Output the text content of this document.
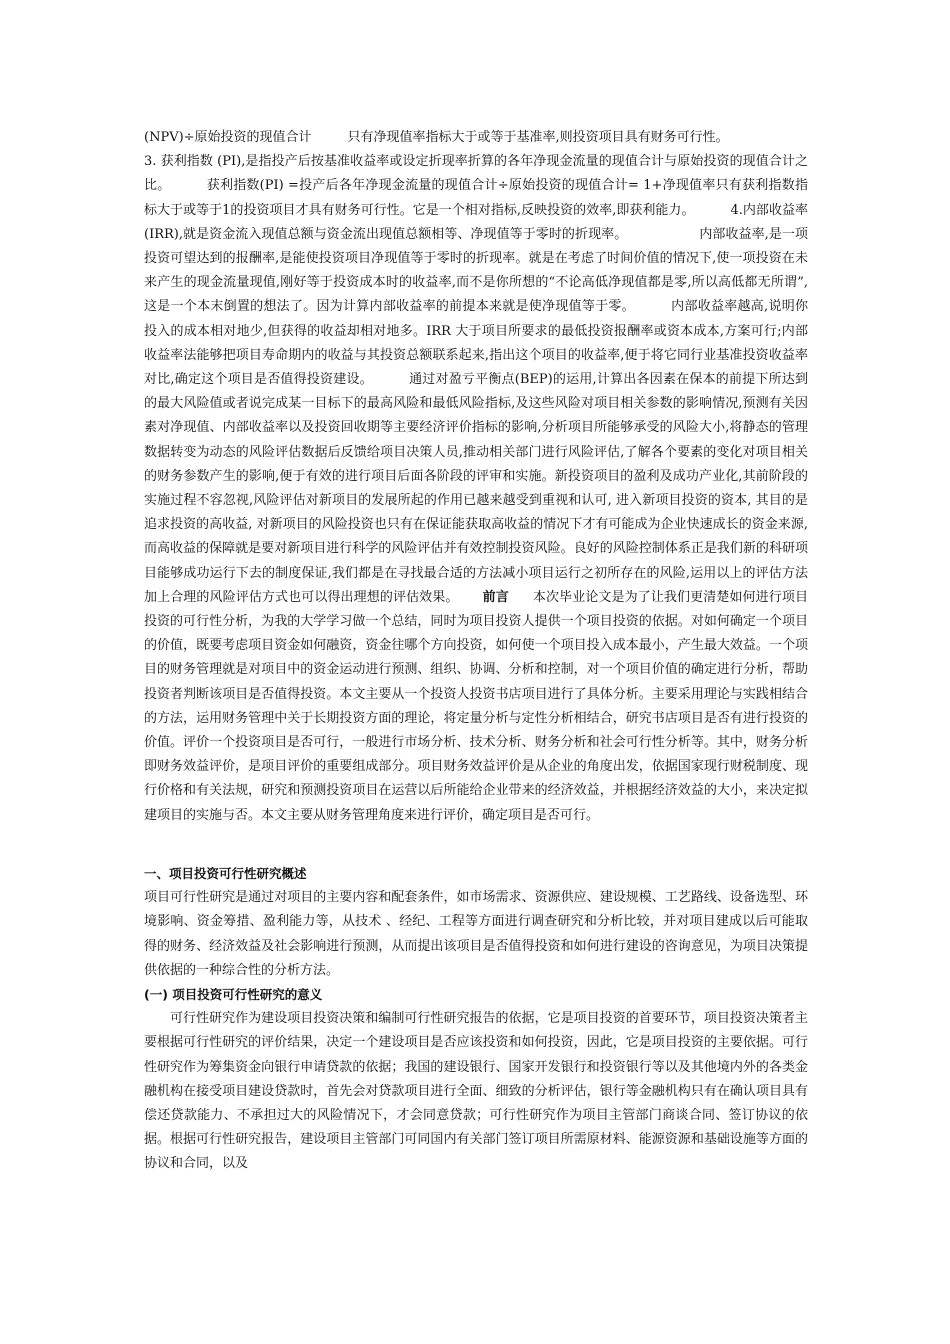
(NPV)÷原始投资的现值合计	只有净现值率指标大于或等于基准率,则投资项目具有财务可行性。

3. 获利指数 (PI),是指投产后按基准收益率或设定折现率折算的各年净现金流量的现值合计与原始投资的现值合计之比。	获利指数(PI) =投产后各年净现金流量的现值合计÷原始投资的现值合计= 1+净现值率只有获利指数指标大于或等于1的投资项目才具有财务可行性。它是一个相对指标,反映投资的效率,即获利能力。	4.内部收益率(IRR),就是资金流入现值总额与资金流出现值总额相等、净现值等于零时的折现率。	内部收益率,是一项投资可望达到的报酬率,是能使投资项目净现值等于零时的折现率。就是在考虑了时间价值的情况下,使一项投资在未来产生的现金流量现值,刚好等于投资成本时的收益率,而不是你所想的“不论高低净现值都是零,所以高低都无所谓”,这是一个本末倒置的想法了。因为计算内部收益率的前提本来就是使净现值等于零。	内部收益率越高,说明你投入的成本相对地少,但获得的收益却相对地多。IRR 大于项目所要求的最低投资报酬率或资本成本,方案可行;内部收益率法能够把项目寿命期内的收益与其投资总额联系起来,指出这个项目的收益率,便于将它同行业基准投资收益率对比,确定这个项目是否值得投资建设。	通过对盈亏平衡点(BEP)的运用,计算出各因素在保本的前提下所达到的最大风险值或者说完成某一目标下的最高风险和最低风险指标,及这些风险对项目相关参数的影响情况,预测有关因素对净现值、内部收益率以及投资回收期等主要经济评价指标的影响,分析项目所能够承受的风险大小,将静态的管理数据转变为动态的风险评估数据后反馈给项目决策人员,推动相关部门进行风险评估,了解各个要素的变化对项目相关的财务参数产生的影响,便于有效的进行项目后面各阶段的评审和实施。新投资项目的盈利及成功产业化,其前阶段的实施过程不容忽视,风险评估对新项目的发展所起的作用已越来越受到重视和认可, 进入新项目投资的资本, 其目的是追求投资的高收益, 对新项目的风险投资也只有在保证能获取高收益的情况下才有可能成为企业快速成长的资金来源, 而高收益的保障就是要对新项目进行科学的风险评估并有效控制投资风险。良好的风险控制体系正是我们新的科研项目能够成功运行下去的制度保证,我们都是在寻找最合适的方法减小项目运行之初所存在的风险,运用以上的评估方法加上合理的风险评估方式也可以得出理想的评估效果。 前言 本次毕业论文是为了让我们更清楚如何进行项目投资的可行性分析，为我的大学学习做一个总结，同时为项目投资人提供一个项目投资的依据。对如何确定一个项目的价值，既要考虑项目资金如何融资，资金往哪个方向投资，如何使一个项目投入成本最小，产生最大效益。一个项目的财务管理就是对项目中的资金运动进行预测、组织、协调、分析和控制，对一个项目价值的确定进行分析，帮助投资者判断该项目是否值得投资。本文主要从一个投资人投资书店项目进行了具体分析。主要采用理论与实践相结合的方法，运用财务管理中关于长期投资方面的理论，将定量分析与定性分析相结合，研究书店项目是否有进行投资的价值。评价一个投资项目是否可行，一般进行市场分析、技术分析、财务分析和社会可行性分析等。其中，财务分析即财务效益评价，是项目评价的重要组成部分。项目财务效益评价是从企业的角度出发，依据国家现行财税制度、现行价格和有关法规，研究和预测投资项目在运营以后所能给企业带来的经济效益，并根据经济效益的大小，来决定拟建项目的实施与否。本文主要从财务管理角度来进行评价，确定项目是否可行。

一、项目投资可行性研究概述

项目可行性研究是通过对项目的主要内容和配套条件，如市场需求、资源供应、建设规模、工艺路线、设备选型、环境影响、资金筹措、盈利能力等，从技术 、经纪、工程等方面进行调查研究和分析比较，并对项目建成以后可能取得的财务、经济效益及社会影响进行预测，从而提出该项目是否值得投资和如何进行建设的咨询意见，为项目决策提供依据的一种综合性的分析方法。

(一) 项目投资可行性研究的意义

可行性研究作为建设项目投资决策和编制可行性研究报告的依据，它是项目投资的首要环节，项目投资决策者主要根据可行性研究的评价结果，决定一个建设项目是否应该投资和如何投资，因此，它是项目投资的主要依据。可行性研究作为筹集资金向银行申请贷款的依据；我国的建设银行、国家开发银行和投资银行等以及其他境内外的各类金融机构在接受项目建设贷款时，首先会对贷款项目进行全面、细致的分析评估，银行等金融机构只有在确认项目具有偿还贷款能力、不承担过大的风险情况下，才会同意贷款；可行性研究作为项目主管部门商谈合同、签订协议的依据。根据可行性研究报告，建设项目主管部门可同国内有关部门签订项目所需原材料、能源资源和基础设施等方面的协议和合同，以及
